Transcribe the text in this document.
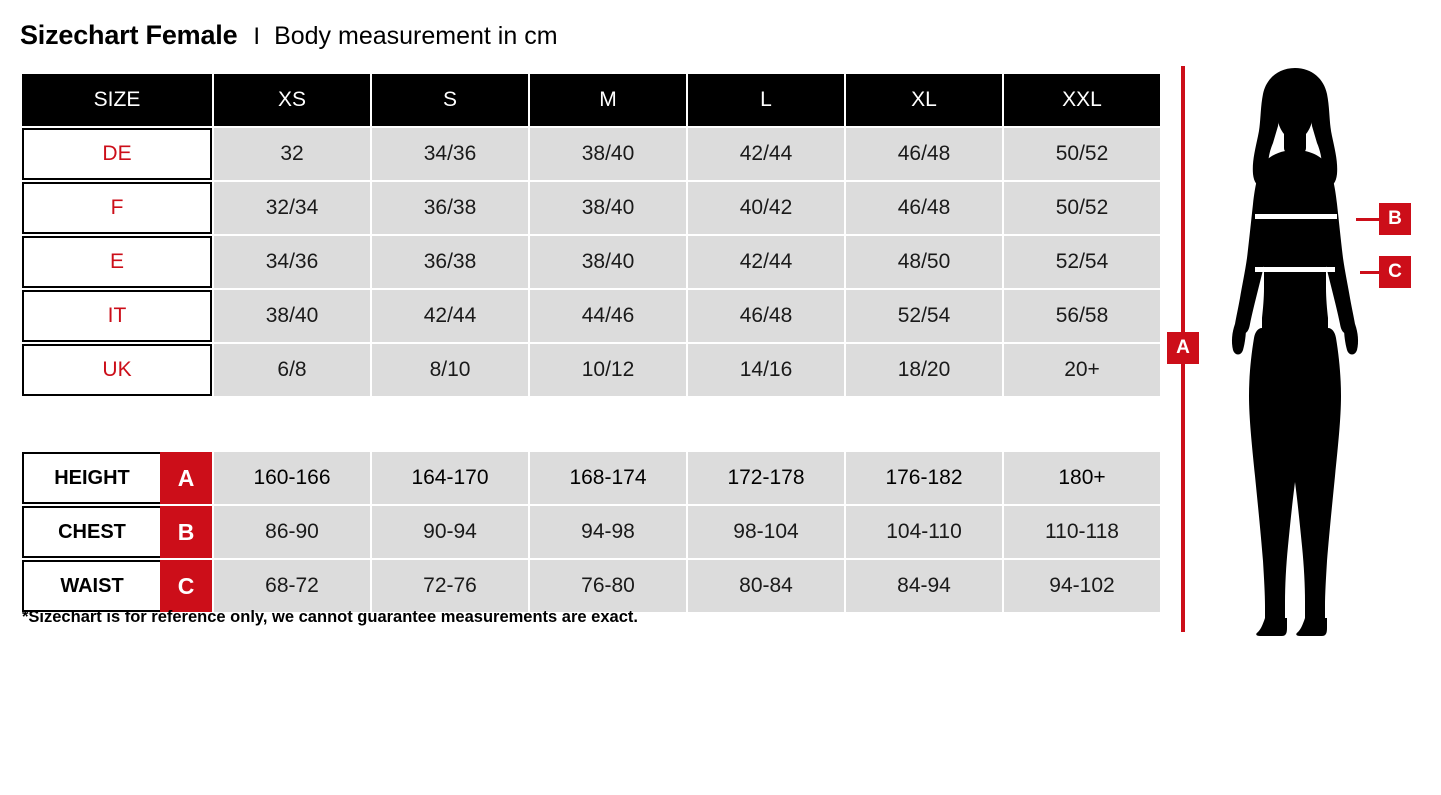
Sizechart Female I Body measurement in cm
SIZE	XS	S	M	L	XL	XXL
DE	32	34/36	38/40	42/44	46/48	50/52
F	32/34	36/38	38/40	40/42	46/48	50/52
E	34/36	36/38	38/40	42/44	48/50	52/54
IT	38/40	42/44	44/46	46/48	52/54	56/58
UK	6/8	8/10	10/12	14/16	18/20	20+

HEIGHT A	160-166	164-170	168-174	172-178	176-182	180+

CHEST B	86-90	90-94	94-98	98-104	104-110	110-118

WAIST C	68-72	72-76	76-80	80-84	84-94	94-102
*Sizechart is for reference only, we cannot guarantee measurements are exact.
A
B
C
